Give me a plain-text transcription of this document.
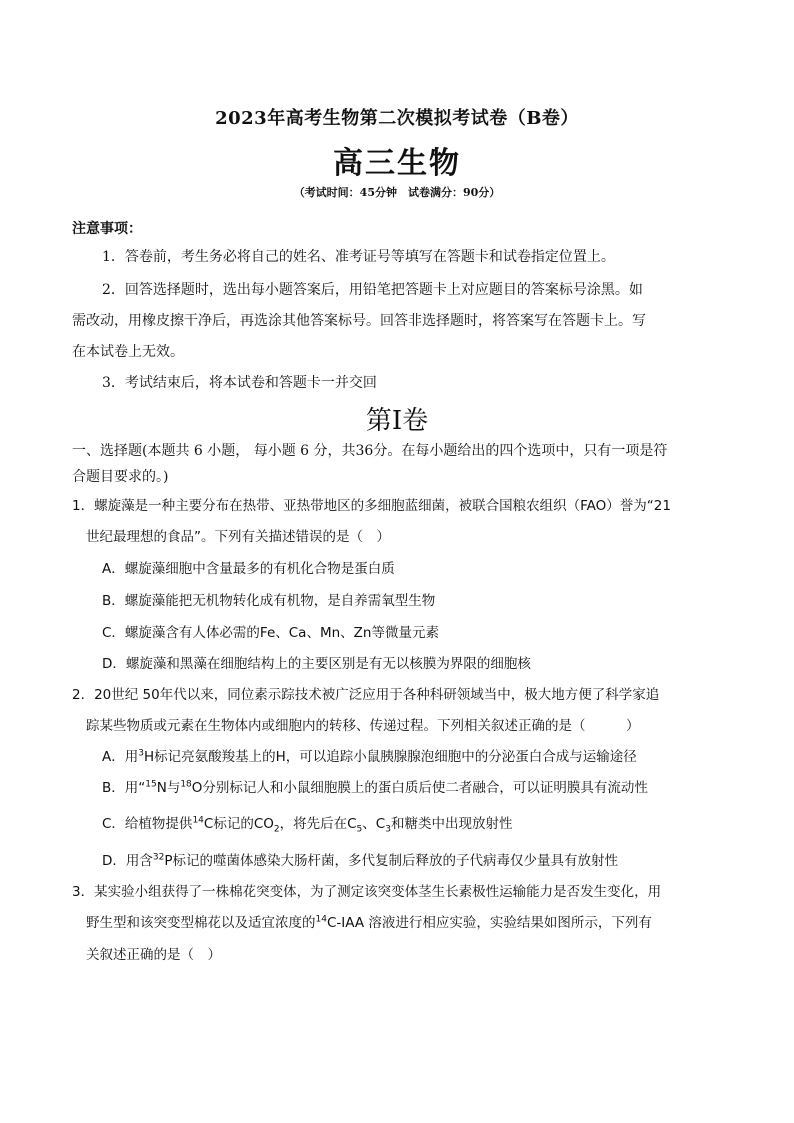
2023年高考生物第二次模拟考试卷（B卷）
高三生物
（考试时间：45分钟　试卷满分：90分）
注意事项：
1．答卷前，考生务必将自己的姓名、准考证号等填写在答题卡和试卷指定位置上。
2．回答选择题时，选出每小题答案后，用铅笔把答题卡上对应题目的答案标号涂黑。如
需改动，用橡皮擦干净后，再选涂其他答案标号。回答非选择题时，将答案写在答题卡上。写
在本试卷上无效。
3．考试结束后，将本试卷和答题卡一并交回
第Ⅰ卷
一、选择题(本题共 6 小题， 每小题 6 分，共36分。在每小题给出的四个选项中，只有一项是符
合题目要求的。)
1．螺旋藻是一种主要分布在热带、亚热带地区的多细胞蓝细菌，被联合国粮农组织（FAO）誉为“21
世纪最理想的食品”。下列有关描述错误的是（　）
A．螺旋藻细胞中含量最多的有机化合物是蛋白质
B．螺旋藻能把无机物转化成有机物，是自养需氧型生物
C．螺旋藻含有人体必需的Fe、Ca、Mn、Zn等微量元素
D．螺旋藻和黑藻在细胞结构上的主要区别是有无以核膜为界限的细胞核
2．20世纪 50年代以来，同位素示踪技术被广泛应用于各种科研领域当中，极大地方便了科学家追
踪某些物质或元素在生物体内或细胞内的转移、传递过程。下列相关叙述正确的是（　　　）
A．用$^3$H标记亮氨酸羧基上的H，可以追踪小鼠胰腺腺泡细胞中的分泌蛋白合成与运输途径
B．用“$^{15}$N与$^{18}$O分别标记人和小鼠细胞膜上的蛋白质后使二者融合，可以证明膜具有流动性
C．给植物提供$^{14}$C标记的$CO_2$，将先后在$C_5$、$C_3$和糖类中出现放射性
D．用含$^{32}$P标记的噬菌体感染大肠杆菌，多代复制后释放的子代病毒仅少量具有放射性
3．某实验小组获得了一株棉花突变体，为了测定该突变体茎生长素极性运输能力是否发生变化，用
野生型和该突变型棉花以及适宜浓度的$^{14}$C-IAA 溶液进行相应实验，实验结果如图所示，下列有
关叙述正确的是（　）
